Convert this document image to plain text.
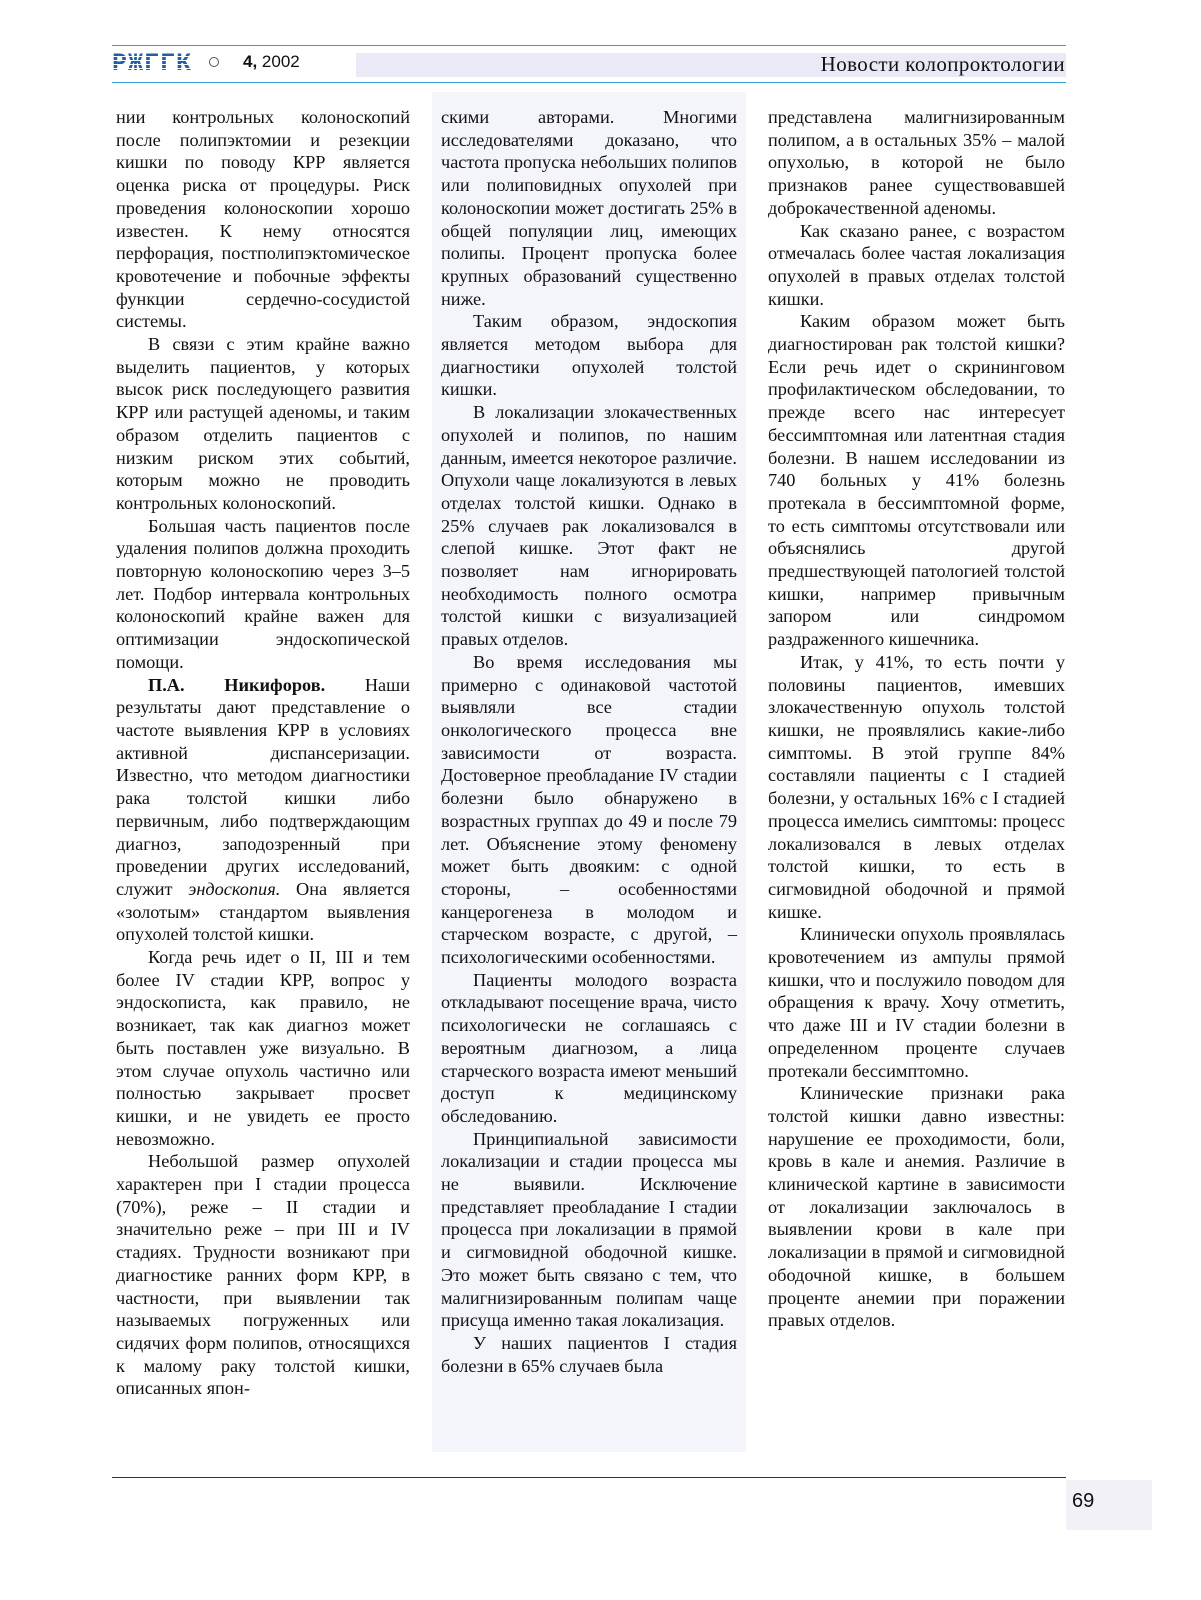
РЖГГК	4, 2002	Новости колопроктологии

нии контрольных колоноскопий после полипэктомии и резекции кишки по поводу КРР является оценка риска от процедуры. Риск проведения колоноскопии хорошо известен. К нему относятся перфорация, постполипэктомическое кровотечение и побочные эффекты функции сердечно-сосудистой системы.

В связи с этим крайне важно выделить пациентов, у которых высок риск последующего развития КРР или растущей аденомы, и таким образом отделить пациентов с низким риском этих событий, которым можно не проводить контрольных колоноскопий.

Большая часть пациентов после удаления полипов должна проходить повторную колоноскопию через 3–5 лет. Подбор интервала контрольных колоноскопий крайне важен для оптимизации эндоскопической помощи.

П.А. Никифоров. Наши результаты дают представление о частоте выявления КРР в условиях активной диспансеризации. Известно, что методом диагностики рака толстой кишки либо первичным, либо подтверждающим диагноз, заподозренный при проведении других исследований, служит эндоскопия. Она является «золотым» стандартом выявления опухолей толстой кишки.

Когда речь идет о II, III и тем более IV стадии КРР, вопрос у эндоскописта, как правило, не возникает, так как диагноз может быть поставлен уже визуально. В этом случае опухоль частично или полностью закрывает просвет кишки, и не увидеть ее просто невозможно.

Небольшой размер опухолей характерен при I стадии процесса (70%), реже – II стадии и значительно реже – при III и IV стадиях. Трудности возникают при диагностике ранних форм КРР, в частности, при выявлении так называемых погруженных или сидячих форм полипов, относящихся к малому раку толстой кишки, описанных япон-

скими авторами. Многими исследователями доказано, что частота пропуска небольших полипов или полиповидных опухолей при колоноскопии может достигать 25% в общей популяции лиц, имеющих полипы. Процент пропуска более крупных образований существенно ниже.

Таким образом, эндоскопия является методом выбора для диагностики опухолей толстой кишки.

В локализации злокачественных опухолей и полипов, по нашим данным, имеется некоторое различие. Опухоли чаще локализуются в левых отделах толстой кишки. Однако в 25% случаев рак локализовался в слепой кишке. Этот факт не позволяет нам игнорировать необходимость полного осмотра толстой кишки с визуализацией правых отделов.

Во время исследования мы примерно с одинаковой частотой выявляли все стадии онкологического процесса вне зависимости от возраста. Достоверное преобладание IV стадии болезни было обнаружено в возрастных группах до 49 и после 79 лет. Объяснение этому феномену может быть двояким: с одной стороны, – особенностями канцерогенеза в молодом и старческом возрасте, с другой, – психологическими особенностями.

Пациенты молодого возраста откладывают посещение врача, чисто психологически не соглашаясь с вероятным диагнозом, а лица старческого возраста имеют меньший доступ к медицинскому обследованию.

Принципиальной зависимости локализации и стадии процесса мы не выявили. Исключение представляет преобладание I стадии процесса при локализации в прямой и сигмовидной ободочной кишке. Это может быть связано с тем, что малигнизированным полипам чаще присуща именно такая локализация.

У наших пациентов I стадия болезни в 65% случаев была

представлена малигнизированным полипом, а в остальных 35% – малой опухолью, в которой не было признаков ранее существовавшей доброкачественной аденомы.

Как сказано ранее, с возрастом отмечалась более частая локализация опухолей в правых отделах толстой кишки.

Каким образом может быть диагностирован рак толстой кишки? Если речь идет о скрининговом профилактическом обследовании, то прежде всего нас интересует бессимптомная или латентная стадия болезни. В нашем исследовании из 740 больных у 41% болезнь протекала в бессимптомной форме, то есть симптомы отсутствовали или объяснялись другой предшествующей патологией толстой кишки, например привычным запором или синдромом раздраженного кишечника.

Итак, у 41%, то есть почти у половины пациентов, имевших злокачественную опухоль толстой кишки, не проявлялись какие-либо симптомы. В этой группе 84% составляли пациенты с I стадией болезни, у остальных 16% с I стадией процесса имелись симптомы: процесс локализовался в левых отделах толстой кишки, то есть в сигмовидной ободочной и прямой кишке.

Клинически опухоль проявлялась кровотечением из ампулы прямой кишки, что и послужило поводом для обращения к врачу. Хочу отметить, что даже III и IV стадии болезни в определенном проценте случаев протекали бессимптомно.

Клинические признаки рака толстой кишки давно известны: нарушение ее проходимости, боли, кровь в кале и анемия. Различие в клинической картине в зависимости от локализации заключалось в выявлении крови в кале при локализации в прямой и сигмовидной ободочной кишке, в большем проценте анемии при поражении правых отделов.

69
